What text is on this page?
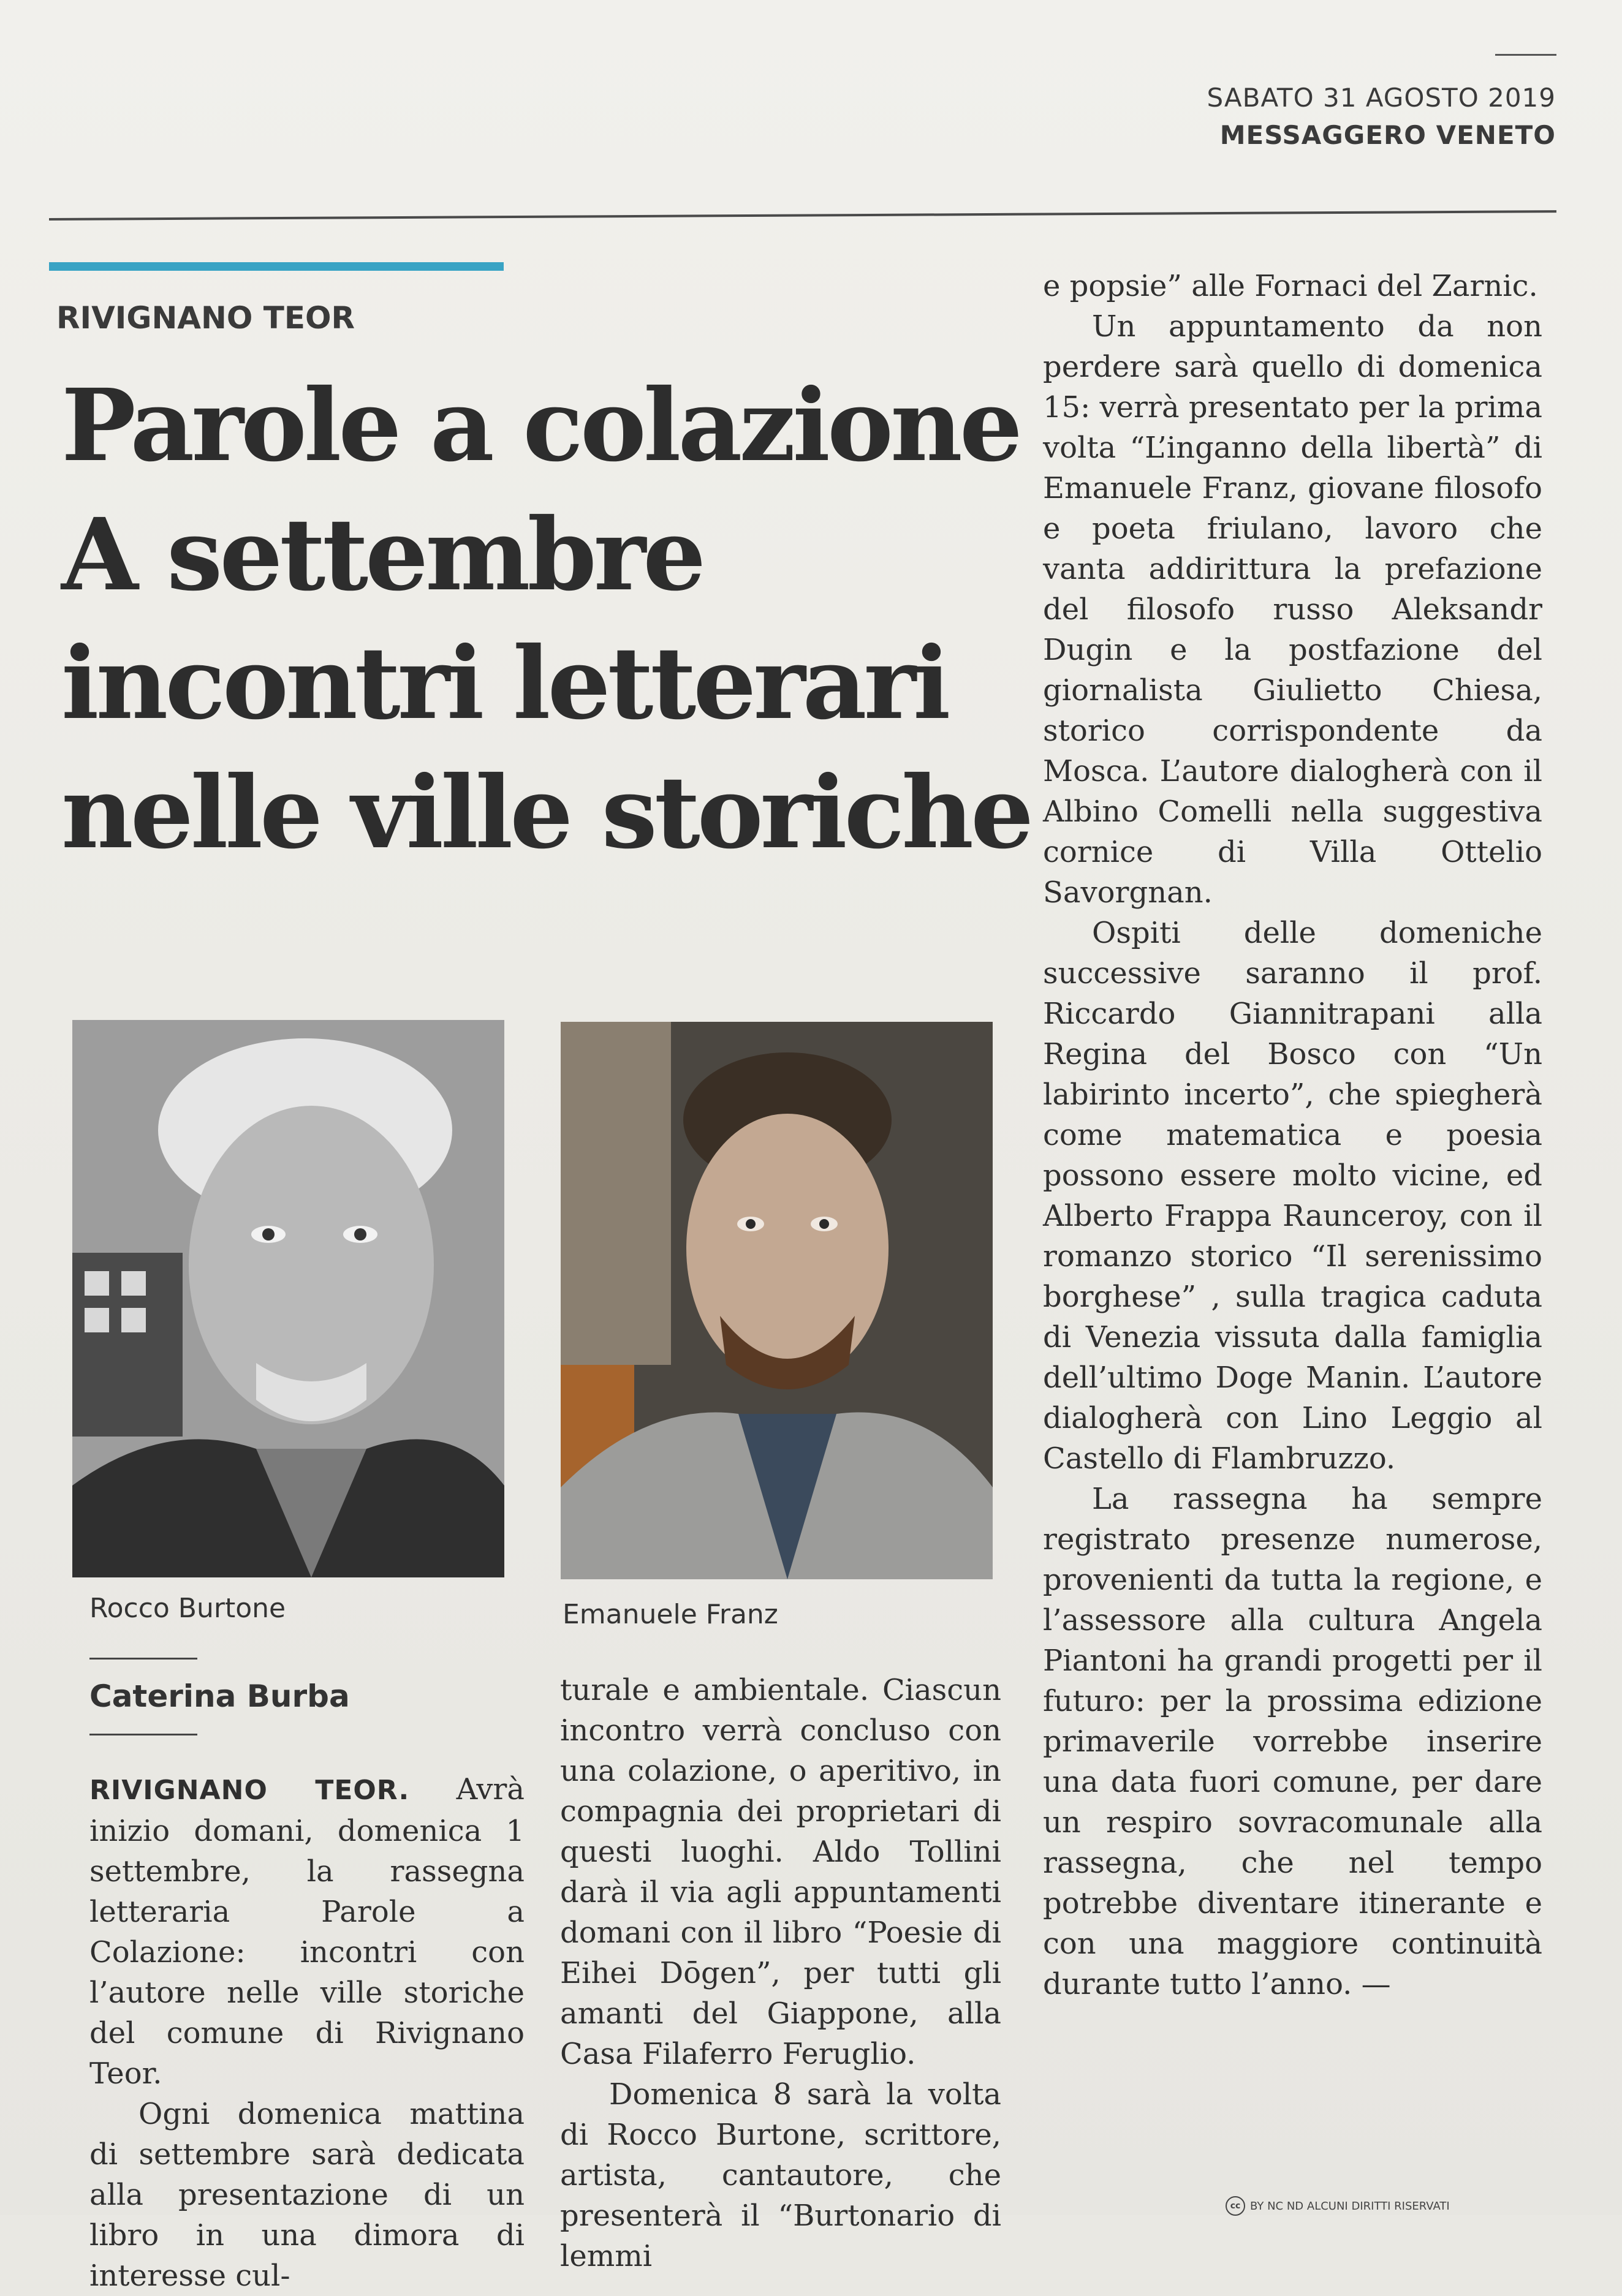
SABATO 31 AGOSTO 2019
MESSAGGERO VENETO
RIVIGNANO TEOR
Parole a colazione
A settembre
incontri letterari
nelle ville storiche
Rocco Burtone	Emanuele Franz
Caterina Burba

RIVIGNANO TEOR. Avrà inizio domani, domenica 1 settembre, la rassegna letteraria Parole a Colazione: incontri con l’autore nelle ville storiche del comune di Rivignano Teor.

Ogni domenica mattina di settembre sarà dedicata alla presentazione di un libro in una dimora di interesse cul-

turale e ambientale. Ciascun incontro verrà concluso con una colazione, o aperitivo, in compagnia dei proprietari di questi luoghi. Aldo Tollini darà il via agli appuntamenti domani con il libro “Poesie di Eihei Dōgen”, per tutti gli amanti del Giappone, alla Casa Filaferro Feruglio.

Domenica 8 sarà la volta di Rocco Burtone, scrittore, artista, cantautore, che presenterà il “Burtonario di lemmi

e popsie” alle Fornaci del Zarnic.

Un appuntamento da non perdere sarà quello di domenica 15: verrà presentato per la prima volta “L’inganno della libertà” di Emanuele Franz, giovane filosofo e poeta friulano, lavoro che vanta addirittura la prefazione del filosofo russo Aleksandr Dugin e la postfazione del giornalista Giulietto Chiesa, storico corrispondente da Mosca. L’autore dialogherà con il Albino Comelli nella suggestiva cornice di Villa Ottelio Savorgnan.

Ospiti delle domeniche successive saranno il prof. Riccardo Giannitrapani alla Regina del Bosco con “Un labirinto incerto”, che spiegherà come matematica e poesia possono essere molto vicine, ed Alberto Frappa Raunceroy, con il romanzo storico “Il serenissimo borghese” , sulla tragica caduta di Venezia vissuta dalla famiglia dell’ultimo Doge Manin. L’autore dialogherà con Lino Leggio al Castello di Flambruzzo.

La rassegna ha sempre registrato presenze numerose, provenienti da tutta la regione, e l’assessore alla cultura Angela Piantoni ha grandi progetti per il futuro: per la prossima edizione primaverile vorrebbe inserire una data fuori comune, per dare un respiro sovracomunale alla rassegna, che nel tempo potrebbe diventare itinerante e con una maggiore continuità durante tutto l’anno. —

cc BY NC ND ALCUNI DIRITTI RISERVATI
